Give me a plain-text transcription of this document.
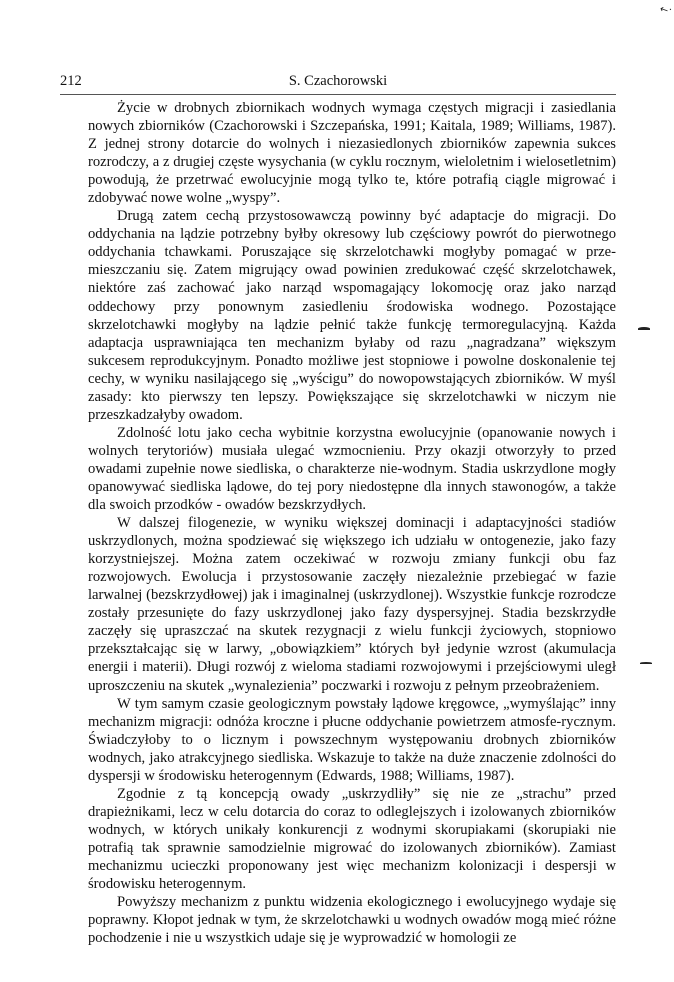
↖.
212	S. Czachorowski

Życie w drobnych zbiornikach wodnych wymaga częstych migracji i zasiedlania nowych zbiorników (Czachorowski i Szczepańska, 1991; Kaitala, 1989; Williams, 1987). Z jednej strony dotarcie do wolnych i niezasiedlonych zbiorników zapewnia sukces rozrodczy, a z drugiej częste wysychania (w cyklu rocznym, wieloletnim i wielosetletnim) powodują, że przetrwać ewolucyjnie mogą tylko te, które potrafią ciągle migrować i zdobywać nowe wolne „wyspy”.

Drugą zatem cechą przystosowawczą powinny być adaptacje do migracji. Do oddychania na lądzie potrzebny byłby okresowy lub częściowy powrót do pierwotnego oddychania tchawkami. Poruszające się skrzelotchawki mogłyby pomagać w prze-mieszczaniu się. Zatem migrujący owad powinien zredukować część skrzelotchawek, niektóre zaś zachować jako narząd wspomagający lokomocję oraz jako narząd oddechowy przy ponownym zasiedleniu środowiska wodnego. Pozostające skrzelotchawki mogłyby na lądzie pełnić także funkcję termoregulacyjną. Każda adaptacja usprawniająca ten mechanizm byłaby od razu „nagradzana” większym sukcesem reprodukcyjnym. Ponadto możliwe jest stopniowe i powolne doskonalenie tej cechy, w wyniku nasilającego się „wyścigu” do nowopowstających zbiorników. W myśl zasady: kto pierwszy ten lepszy. Powiększające się skrzelotchawki w niczym nie przeszkadzałyby owadom.

Zdolność lotu jako cecha wybitnie korzystna ewolucyjnie (opanowanie nowych i wolnych terytoriów) musiała ulegać wzmocnieniu. Przy okazji otworzyły to przed owadami zupełnie nowe siedliska, o charakterze nie-wodnym. Stadia uskrzydlone mogły opanowywać siedliska lądowe, do tej pory niedostępne dla innych stawonogów, a także dla swoich przodków - owadów bezskrzydłych.

W dalszej filogenezie, w wyniku większej dominacji i adaptacyjności stadiów uskrzydlonych, można spodziewać się większego ich udziału w ontogenezie, jako fazy korzystniejszej. Można zatem oczekiwać w rozwoju zmiany funkcji obu faz rozwojowych. Ewolucja i przystosowanie zaczęły niezależnie przebiegać w fazie larwalnej (bezskrzydłowej) jak i imaginalnej (uskrzydlonej). Wszystkie funkcje rozrodcze zostały przesunięte do fazy uskrzydlonej jako fazy dyspersyjnej. Stadia bezskrzydłe zaczęły się upraszczać na skutek rezygnacji z wielu funkcji życiowych, stopniowo przekształcając się w larwy, „obowiązkiem” których był jedynie wzrost (akumulacja energii i materii). Długi rozwój z wieloma stadiami rozwojowymi i przejściowymi uległ uproszczeniu na skutek „wynalezienia” poczwarki i rozwoju z pełnym przeobrażeniem.

W tym samym czasie geologicznym powstały lądowe kręgowce, „wymyślając” inny mechanizm migracji: odnóża kroczne i płucne oddychanie powietrzem atmosfe-rycznym. Świadczyłoby to o licznym i powszechnym występowaniu drobnych zbiorników wodnych, jako atrakcyjnego siedliska. Wskazuje to także na duże znaczenie zdolności do dyspersji w środowisku heterogennym (Edwards, 1988; Williams, 1987).

Zgodnie z tą koncepcją owady „uskrzydliły” się nie ze „strachu” przed drapieżnikami, lecz w celu dotarcia do coraz to odleglejszych i izolowanych zbiorników wodnych, w których unikały konkurencji z wodnymi skorupiakami (skorupiaki nie potrafią tak sprawnie samodzielnie migrować do izolowanych zbiorników). Zamiast mechanizmu ucieczki proponowany jest więc mechanizm kolonizacji i despersji w środowisku heterogennym.

Powyższy mechanizm z punktu widzenia ekologicznego i ewolucyjnego wydaje się poprawny. Kłopot jednak w tym, że skrzelotchawki u wodnych owadów mogą mieć różne pochodzenie i nie u wszystkich udaje się je wyprowadzić w homologii ze
